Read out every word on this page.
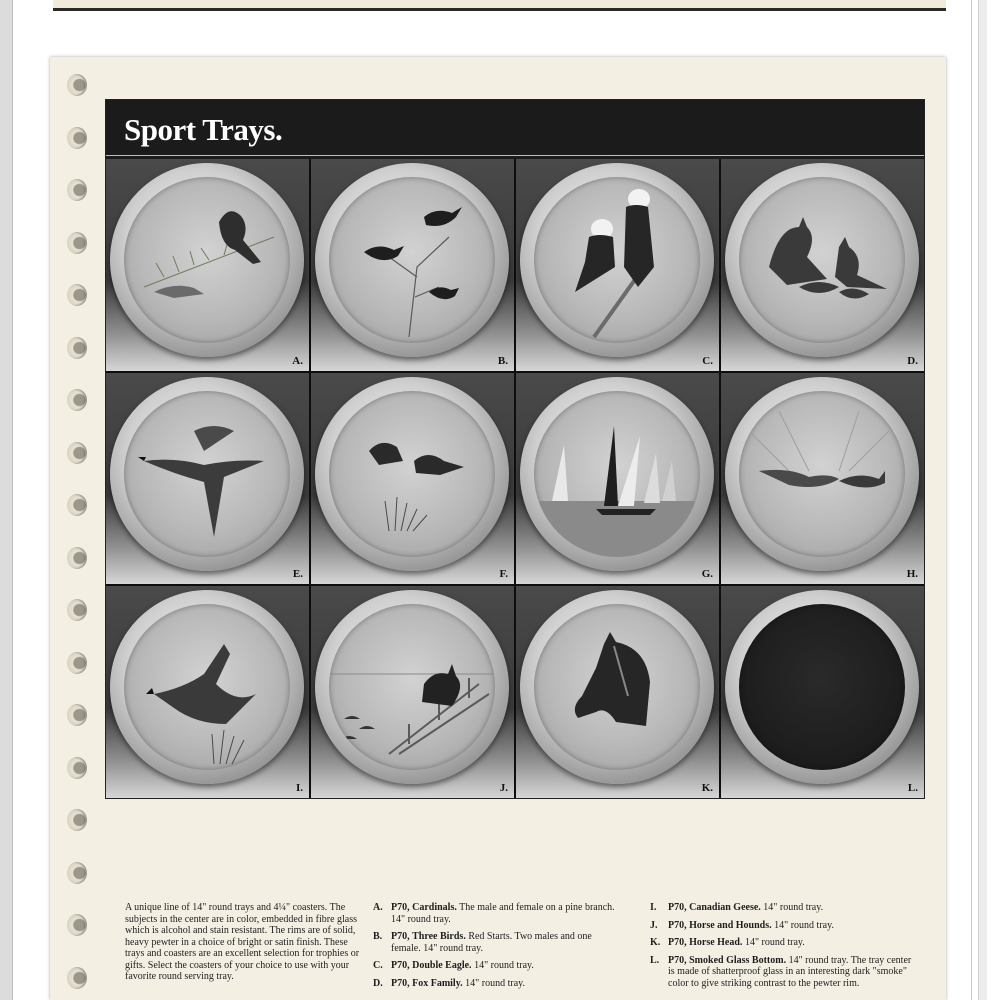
Sport Trays.
A.	B.	C.	D.
E.	F.	G.	H.
I.	J.	K.	L.
A unique line of 14" round trays and 4¼" coasters. The subjects in the center are in color, embedded in fibre glass which is alcohol and stain resistant. The rims are of solid, heavy pewter in a choice of bright or satin finish. These trays and coasters are an excellent selection for trophies or gifts. Select the coasters of your choice to use with your favorite round serving tray.
A. P70, Cardinals. The male and female on a pine branch. 14" round tray.
B. P70, Three Birds. Red Starts. Two males and one female. 14" round tray.
C. P70, Double Eagle. 14" round tray.
D. P70, Fox Family. 14" round tray.
I. P70, Canadian Geese. 14" round tray.
J. P70, Horse and Hounds. 14" round tray.
K. P70, Horse Head. 14" round tray.
L. P70, Smoked Glass Bottom. 14" round tray. The tray center is made of shatterproof glass in an interesting dark "smoke" color to give striking contrast to the pewter rim.
